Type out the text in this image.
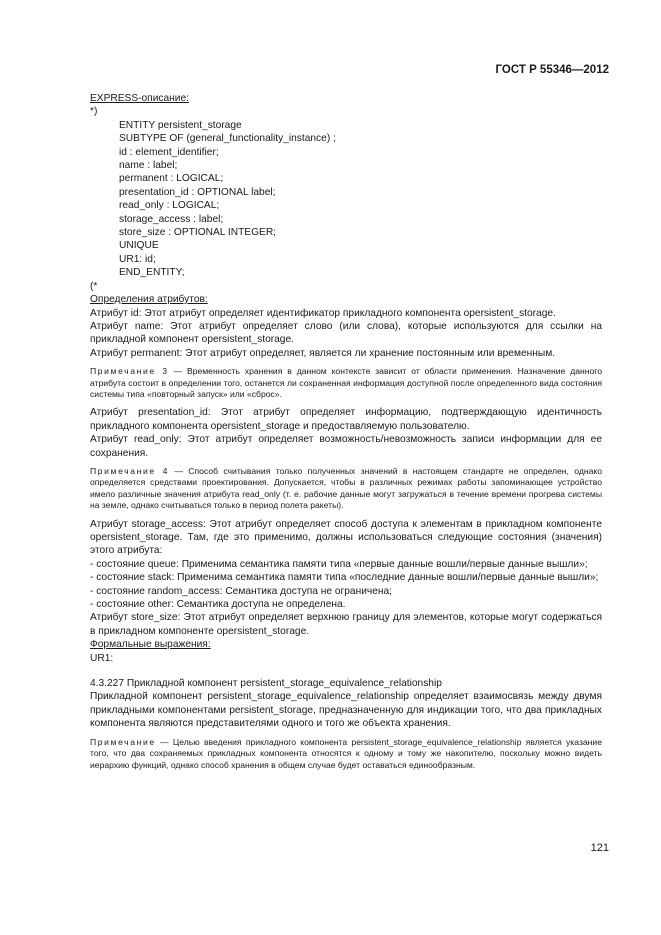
ГОСТ Р 55346—2012
EXPRESS-описание:
*)
ENTITY persistent_storage
SUBTYPE OF (general_functionality_instance) ;
id : element_identifier;
name : label;
permanent : LOGICAL;
presentation_id : OPTIONAL label;
read_only : LOGICAL;
storage_access : label;
store_size : OPTIONAL INTEGER;
UNIQUE
UR1: id;
END_ENTITY;
(*
Определения атрибутов:
Атрибут id: Этот атрибут определяет идентификатор прикладного компонента opersistent_storage.
Атрибут name: Этот атрибут определяет слово (или слова), которые используются для ссылки на прикладной компонент opersistent_storage.
Атрибут permanent: Этот атрибут определяет, является ли хранение постоянным или временным.
Примечание 3 — Временность хранения в данном контексте зависит от области применения. Назначение данного атрибута состоит в определении того, останется ли сохраненная информация доступной после определенного вида состояния системы типа «повторный запуск» или «сброс».
Атрибут presentation_id: Этот атрибут определяет информацию, подтверждающую идентичность прикладного компонента opersistent_storage и предоставляемую пользователю.
Атрибут read_only: Этот атрибут определяет возможность/невозможность записи информации для ее сохранения.
Примечание 4 — Способ считывания только полученных значений в настоящем стандарте не определен, однако определяется средствами проектирования. Допускается, чтобы в различных режимах работы запоминающее устройство имело различные значения атрибута read_only (т. е. рабочие данные могут загружаться в течение времени прогрева системы на земле, однако считываться только в период полета ракеты).
Атрибут storage_access: Этот атрибут определяет способ доступа к элементам в прикладном компоненте opersistent_storage. Там, где это применимо, должны использоваться следующие состояния (значения) этого атрибута:
- состояние queue: Применима семантика памяти типа «первые данные вошли/первые данные вышли»;
- состояние stack: Применима семантика памяти типа «последние данные вошли/первые данные вышли»;
- состояние random_access: Семантика доступа не ограничена;
- состояние other: Семантика доступа не определена.
Атрибут store_size: Этот атрибут определяет верхнюю границу для элементов, которые могут содержаться в прикладном компоненте opersistent_storage.
Формальные выражения:
UR1:
4.3.227 Прикладной компонент persistent_storage_equivalence_relationship
Прикладной компонент persistent_storage_equivalence_relationship определяет взаимосвязь между двумя прикладными компонентами persistent_storage, предназначенную для индикации того, что два прикладных компонента являются представителями одного и того же объекта хранения.
Примечание — Целью введения прикладного компонента persistent_storage_equivalence_relationship является указание того, что два сохраняемых прикладных компонента относятся к одному и тому же накопителю, поскольку можно видеть иерархию функций, однако способ хранения в общем случае будет оставаться единообразным.
121
